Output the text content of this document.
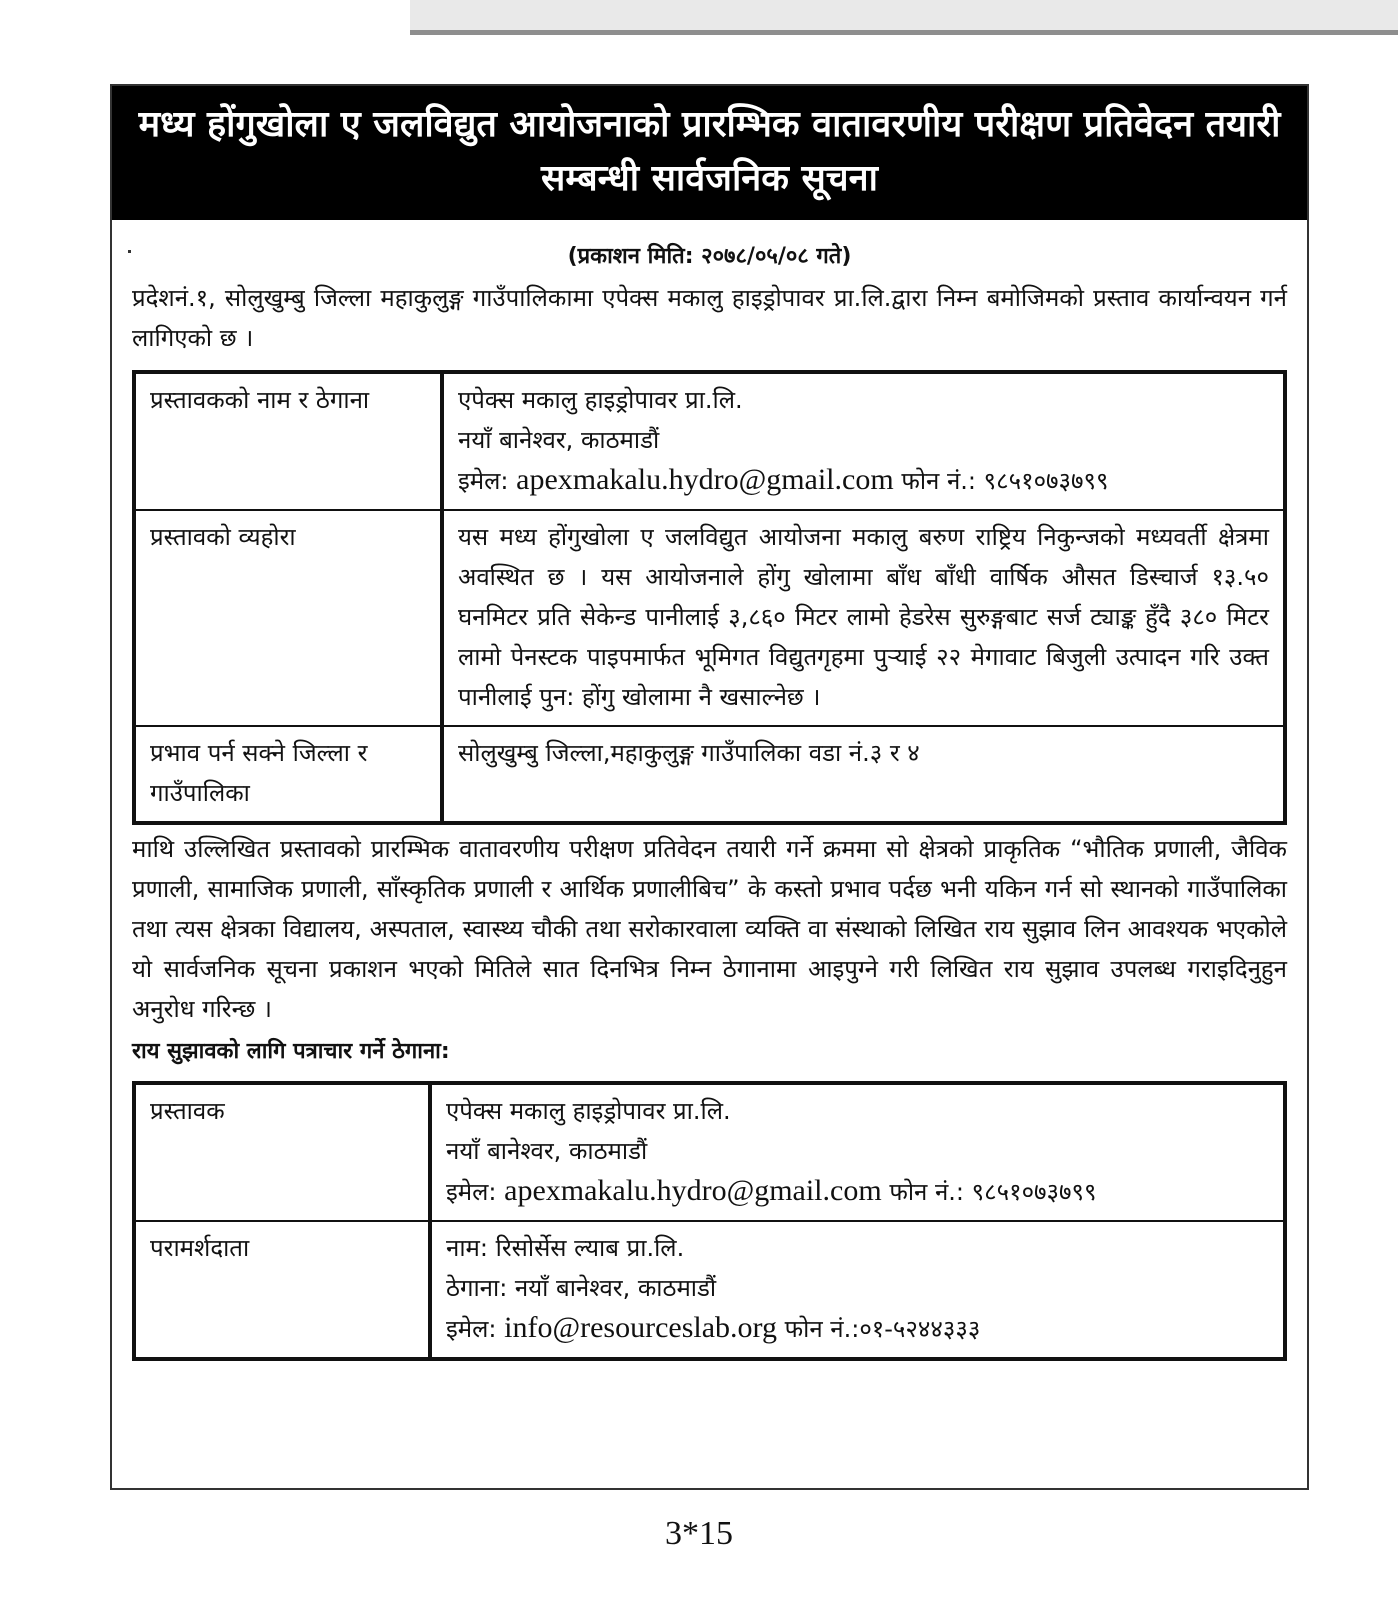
मध्य होंगुखोला ए जलविद्युत आयोजनाको प्रारम्भिक वातावरणीय परीक्षण प्रतिवेदन तयारी सम्बन्धी सार्वजनिक सूचना
(प्रकाशन मिति: २०७८/०५/०८ गते)

प्रदेशनं.१, सोलुखुम्बु जिल्ला महाकुलुङ्ग गाउँपालिकामा एपेक्स मकालु हाइड्रोपावर प्रा.लि.द्वारा निम्न बमोजिमको प्रस्ताव कार्यान्वयन गर्न लागिएको छ ।

प्रस्तावकको नाम र ठेगाना	एपेक्स मकालु हाइड्रोपावर प्रा.लि.
नयाँ बानेश्वर, काठमाडौं
इमेल: apexmakalu.hydro@gmail.com फोन नं.: ९८५१०७३७९९

प्रस्तावको व्यहोरा	यस मध्य होंगुखोला ए जलविद्युत आयोजना मकालु बरुण राष्ट्रिय निकुन्जको मध्यवर्ती क्षेत्रमा अवस्थित छ । यस आयोजनाले होंगु खोलामा बाँध बाँधी वार्षिक औसत डिस्चार्ज १३.५० घनमिटर प्रति सेकेन्ड पानीलाई ३,८६० मिटर लामो हेडरेस सुरुङ्गबाट सर्ज ट्याङ्क हुँदै ३८० मिटर लामो पेनस्टक पाइपमार्फत भूमिगत विद्युतगृहमा पुर्‍याई २२ मेगावाट बिजुली उत्पादन गरि उक्त पानीलाई पुन: होंगु खोलामा नै खसाल्नेछ ।
प्रभाव पर्न सक्ने जिल्ला र गाउँपालिका	सोलुखुम्बु जिल्ला,महाकुलुङ्ग गाउँपालिका वडा नं.३ र ४

माथि उल्लिखित प्रस्तावको प्रारम्भिक वातावरणीय परीक्षण प्रतिवेदन तयारी गर्ने क्रममा सो क्षेत्रको प्राकृतिक “भौतिक प्रणाली, जैविक प्रणाली, सामाजिक प्रणाली, साँस्कृतिक प्रणाली र आर्थिक प्रणालीबिच” के कस्तो प्रभाव पर्दछ भनी यकिन गर्न सो स्थानको गाउँपालिका तथा त्यस क्षेत्रका विद्यालय, अस्पताल, स्वास्थ्य चौकी तथा सरोकारवाला व्यक्ति वा संस्थाको लिखित राय सुझाव लिन आवश्यक भएकोले यो सार्वजनिक सूचना प्रकाशन भएको मितिले सात दिनभित्र निम्न ठेगानामा आइपुग्ने गरी लिखित राय सुझाव उपलब्ध गराइदिनुहुन अनुरोध गरिन्छ ।

राय सुझावको लागि पत्राचार गर्ने ठेगाना:
प्रस्तावक	एपेक्स मकालु हाइड्रोपावर प्रा.लि.
नयाँ बानेश्वर, काठमाडौं
इमेल: apexmakalu.hydro@gmail.com फोन नं.: ९८५१०७३७९९

परामर्शदाता	नाम: रिसोर्सेस ल्याब प्रा.लि.
ठेगाना: नयाँ बानेश्वर, काठमाडौं
इमेल: info@resourceslab.org फोन नं.:०१-५२४४३३३
3*15
